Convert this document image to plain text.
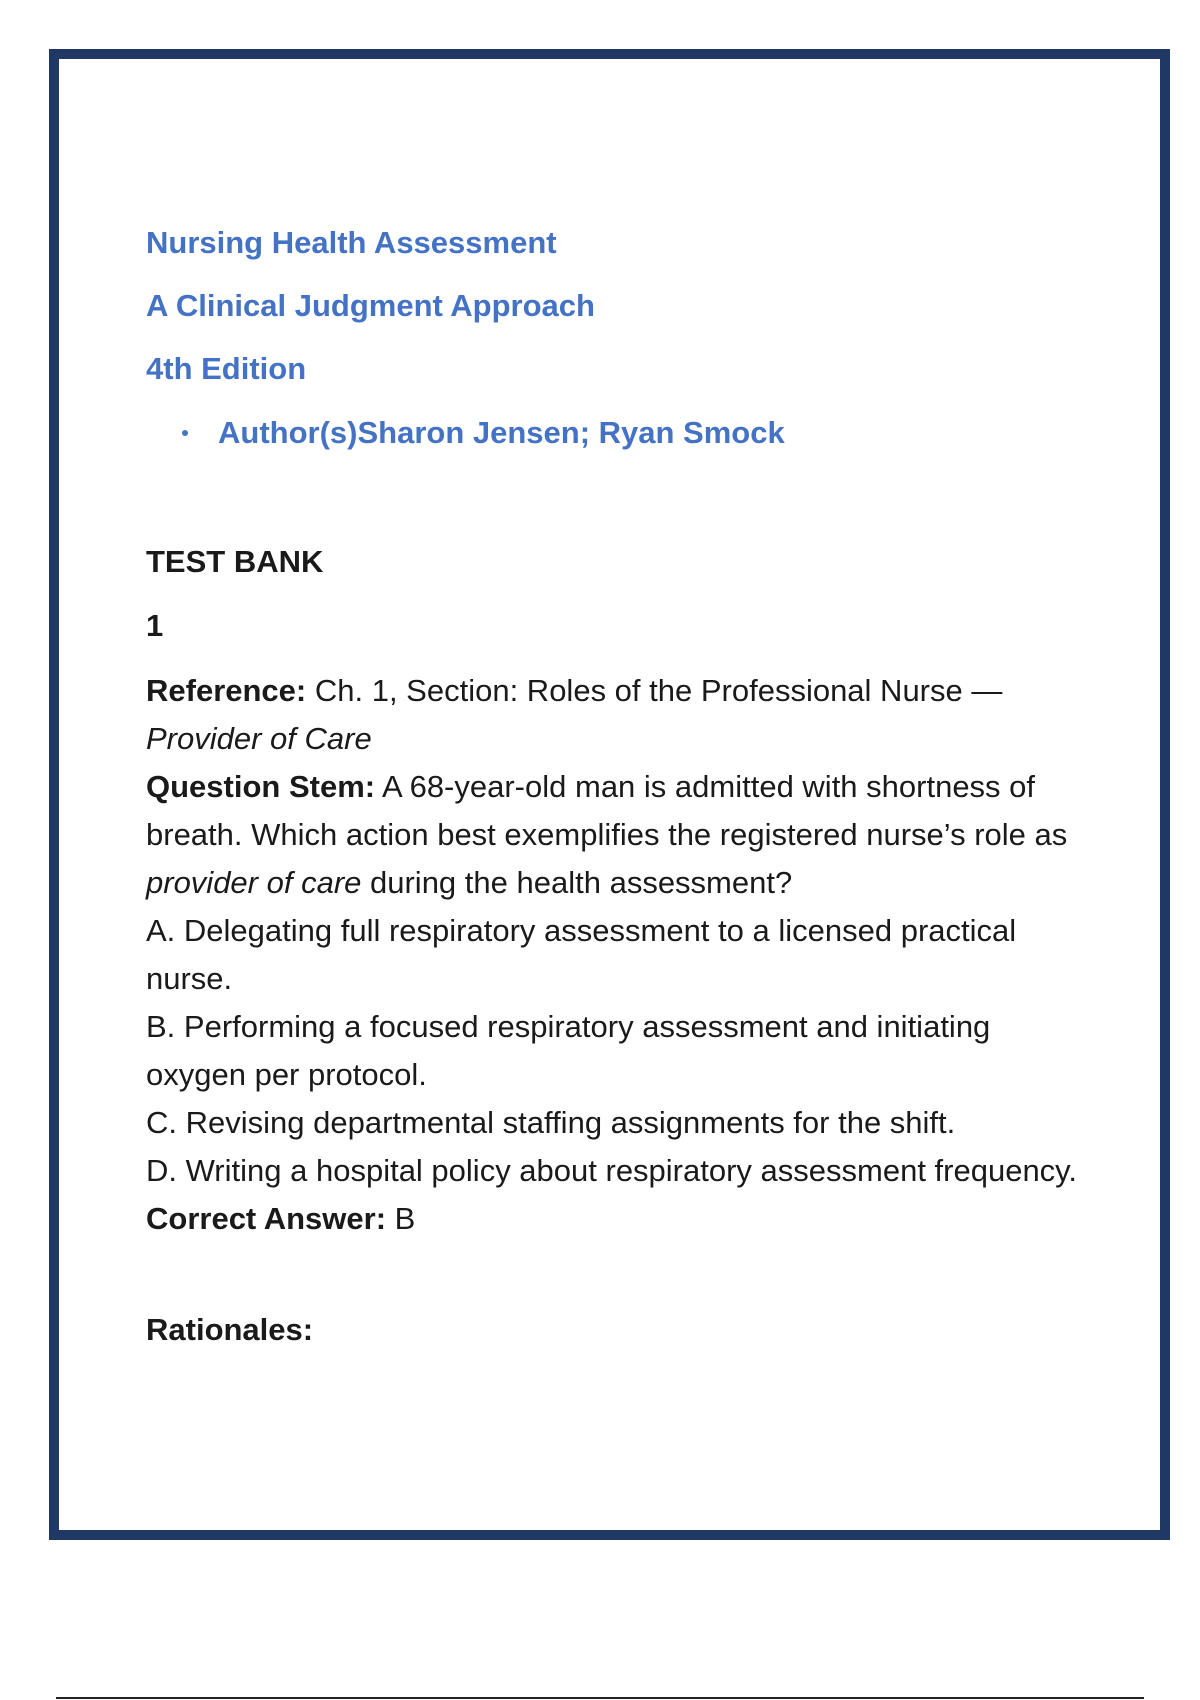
Nursing Health Assessment
A Clinical Judgment Approach
4th Edition
Author(s)Sharon Jensen; Ryan Smock
TEST BANK
1

Reference: Ch. 1, Section: Roles of the Professional Nurse — Provider of Care

Question Stem: A 68-year-old man is admitted with shortness of breath. Which action best exemplifies the registered nurse’s role as provider of care during the health assessment?

A. Delegating full respiratory assessment to a licensed practical nurse.

B. Performing a focused respiratory assessment and initiating oxygen per protocol.

C. Revising departmental staffing assignments for the shift.

D. Writing a hospital policy about respiratory assessment frequency.

Correct Answer: B

Rationales:
